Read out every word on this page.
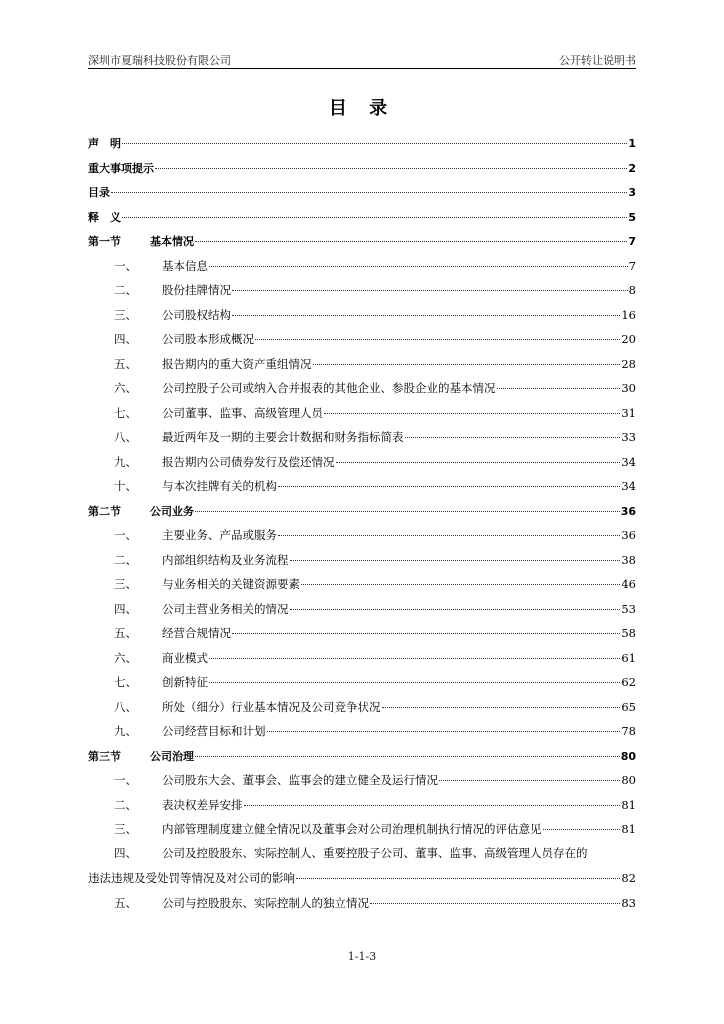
深圳市夏瑞科技股份有限公司	公开转让说明书
目 录
声　明	1
重大事项提示	2
目录	3
释　义	5
第一节	基本情况	7
一、 基本信息	7
二、 股份挂牌情况	8
三、 公司股权结构	16
四、 公司股本形成概况	20
五、 报告期内的重大资产重组情况	28
六、 公司控股子公司或纳入合并报表的其他企业、参股企业的基本情况	30
七、 公司董事、监事、高级管理人员	31
八、 最近两年及一期的主要会计数据和财务指标简表	33
九、 报告期内公司债券发行及偿还情况	34
十、 与本次挂牌有关的机构	34
第二节	公司业务	36
一、 主要业务、产品或服务	36
二、 内部组织结构及业务流程	38
三、 与业务相关的关键资源要素	46
四、 公司主营业务相关的情况	53
五、 经营合规情况	58
六、 商业模式	61
七、 创新特征	62
八、 所处（细分）行业基本情况及公司竞争状况	65
九、 公司经营目标和计划	78
第三节	公司治理	80
一、 公司股东大会、董事会、监事会的建立健全及运行情况	80
二、 表决权差异安排	81
三、 内部管理制度建立健全情况以及董事会对公司治理机制执行情况的评估意见	81
四、 公司及控股股东、实际控制人、重要控股子公司、董事、监事、高级管理人员存在的
违法违规及受处罚等情况及对公司的影响	82
五、 公司与控股股东、实际控制人的独立情况	83
1-1-3
